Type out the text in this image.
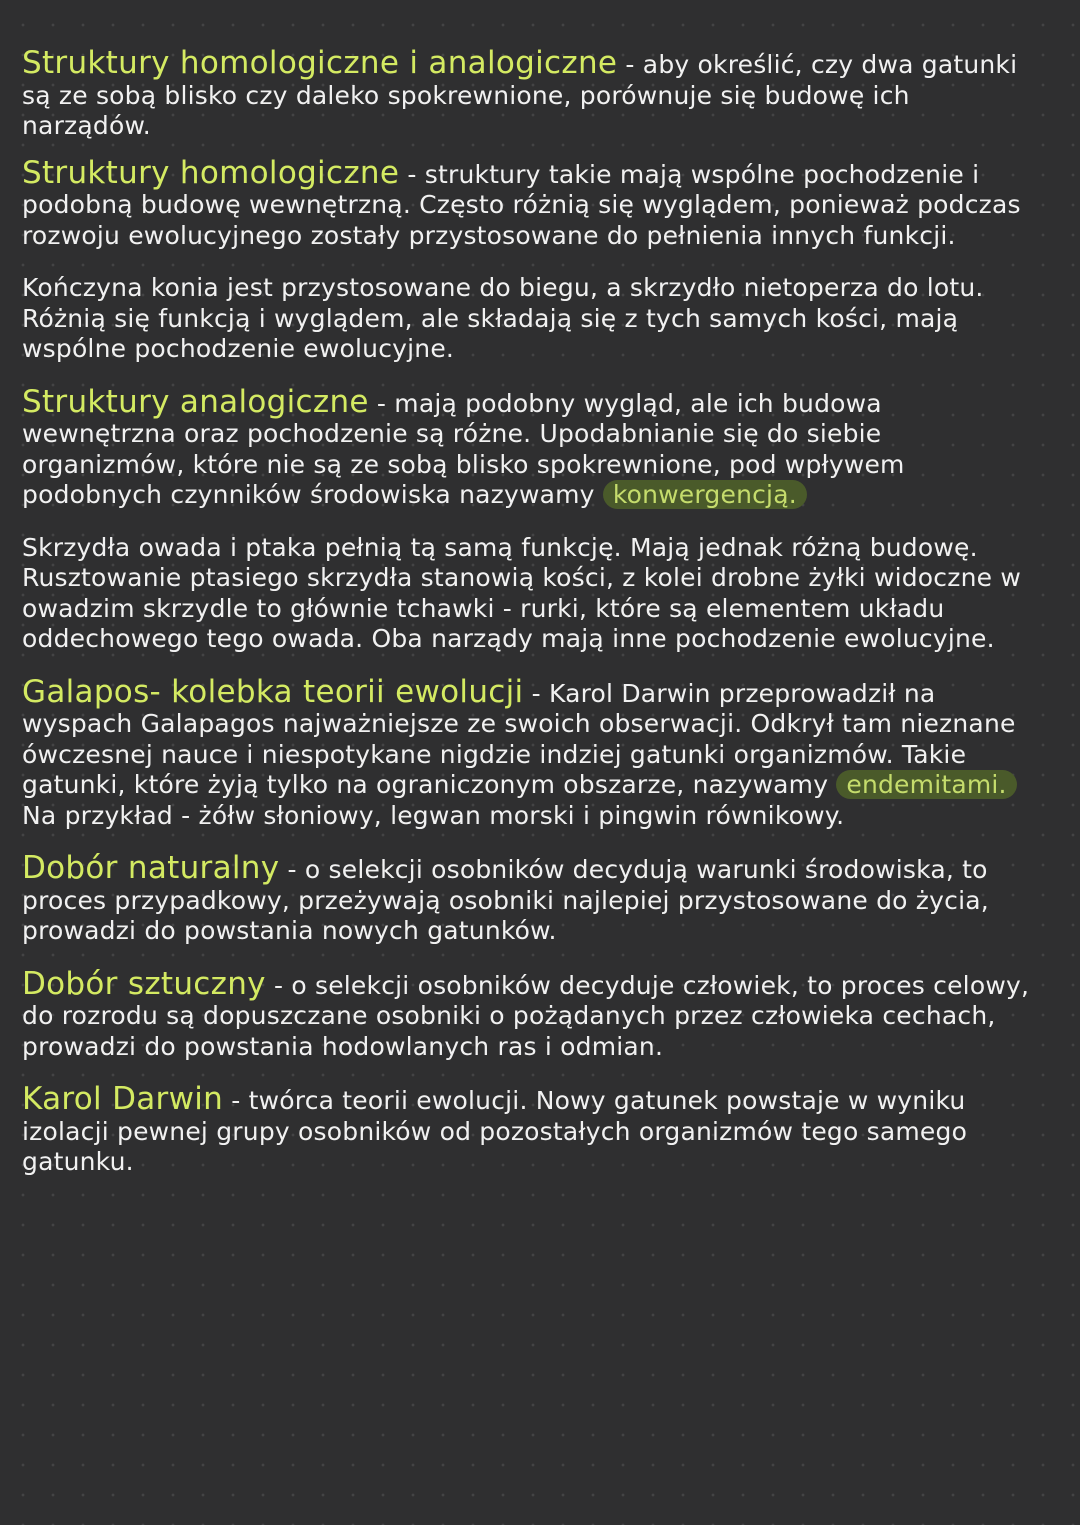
Struktury homologiczne i analogiczne - aby określić, czy dwa gatunki są ze sobą blisko czy daleko spokrewnione, porównuje się budowę ich narządów.

Struktury homologiczne - struktury takie mają wspólne pochodzenie i podobną budowę wewnętrzną. Często różnią się wyglądem, ponieważ podczas rozwoju ewolucyjnego zostały przystosowane do pełnienia innych funkcji.

Kończyna konia jest przystosowane do biegu, a skrzydło nietoperza do lotu. Różnią się funkcją i wyglądem, ale składają się z tych samych kości, mają wspólne pochodzenie ewolucyjne.

Struktury analogiczne - mają podobny wygląd, ale ich budowa wewnętrzna oraz pochodzenie są różne. Upodabnianie się do siebie organizmów, które nie są ze sobą blisko spokrewnione, pod wpływem podobnych czynników środowiska nazywamy konwergencją.

Skrzydła owada i ptaka pełnią tą samą funkcję. Mają jednak różną budowę. Rusztowanie ptasiego skrzydła stanowią kości, z kolei drobne żyłki widoczne w owadzim skrzydle to głównie tchawki - rurki, które są elementem układu oddechowego tego owada. Oba narządy mają inne pochodzenie ewolucyjne.

Galapos- kolebka teorii ewolucji - Karol Darwin przeprowadził na wyspach Galapagos najważniejsze ze swoich obserwacji. Odkrył tam nieznane ówczesnej nauce i niespotykane nigdzie indziej gatunki organizmów. Takie gatunki, które żyją tylko na ograniczonym obszarze, nazywamy endemitami. Na przykład - żółw słoniowy, legwan morski i pingwin równikowy.

Dobór naturalny - o selekcji osobników decydują warunki środowiska, to proces przypadkowy, przeżywają osobniki najlepiej przystosowane do życia, prowadzi do powstania nowych gatunków.

Dobór sztuczny - o selekcji osobników decyduje człowiek, to proces celowy, do rozrodu są dopuszczane osobniki o pożądanych przez człowieka cechach, prowadzi do powstania hodowlanych ras i odmian.

Karol Darwin - twórca teorii ewolucji. Nowy gatunek powstaje w wyniku izolacji pewnej grupy osobników od pozostałych organizmów tego samego gatunku.
